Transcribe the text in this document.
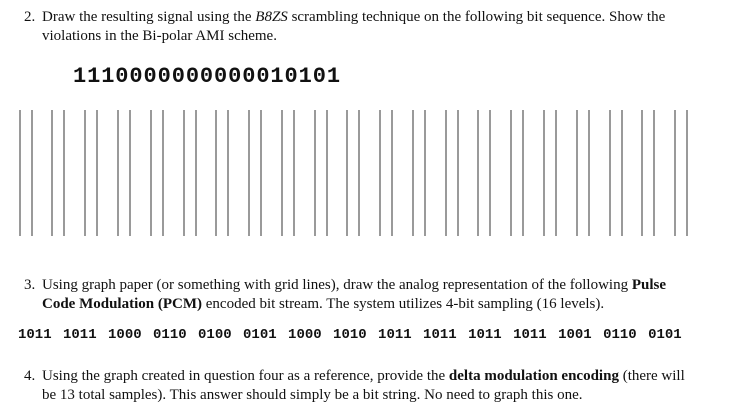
2. Draw the resulting signal using the B8ZS scrambling technique on the following bit sequence. Show the
violations in the Bi-polar AMI scheme.
1110000000000010101
3. Using graph paper (or something with grid lines), draw the analog representation of the following Pulse
Code Modulation (PCM) encoded bit stream. The system utilizes 4-bit sampling (16 levels).
1011 1011 1000 0110 0100 0101 1000 1010 1011 1011 1011 1011 1001 0110 0101
4. Using the graph created in question four as a reference, provide the delta modulation encoding (there will
be 13 total samples). This answer should simply be a bit string. No need to graph this one.
